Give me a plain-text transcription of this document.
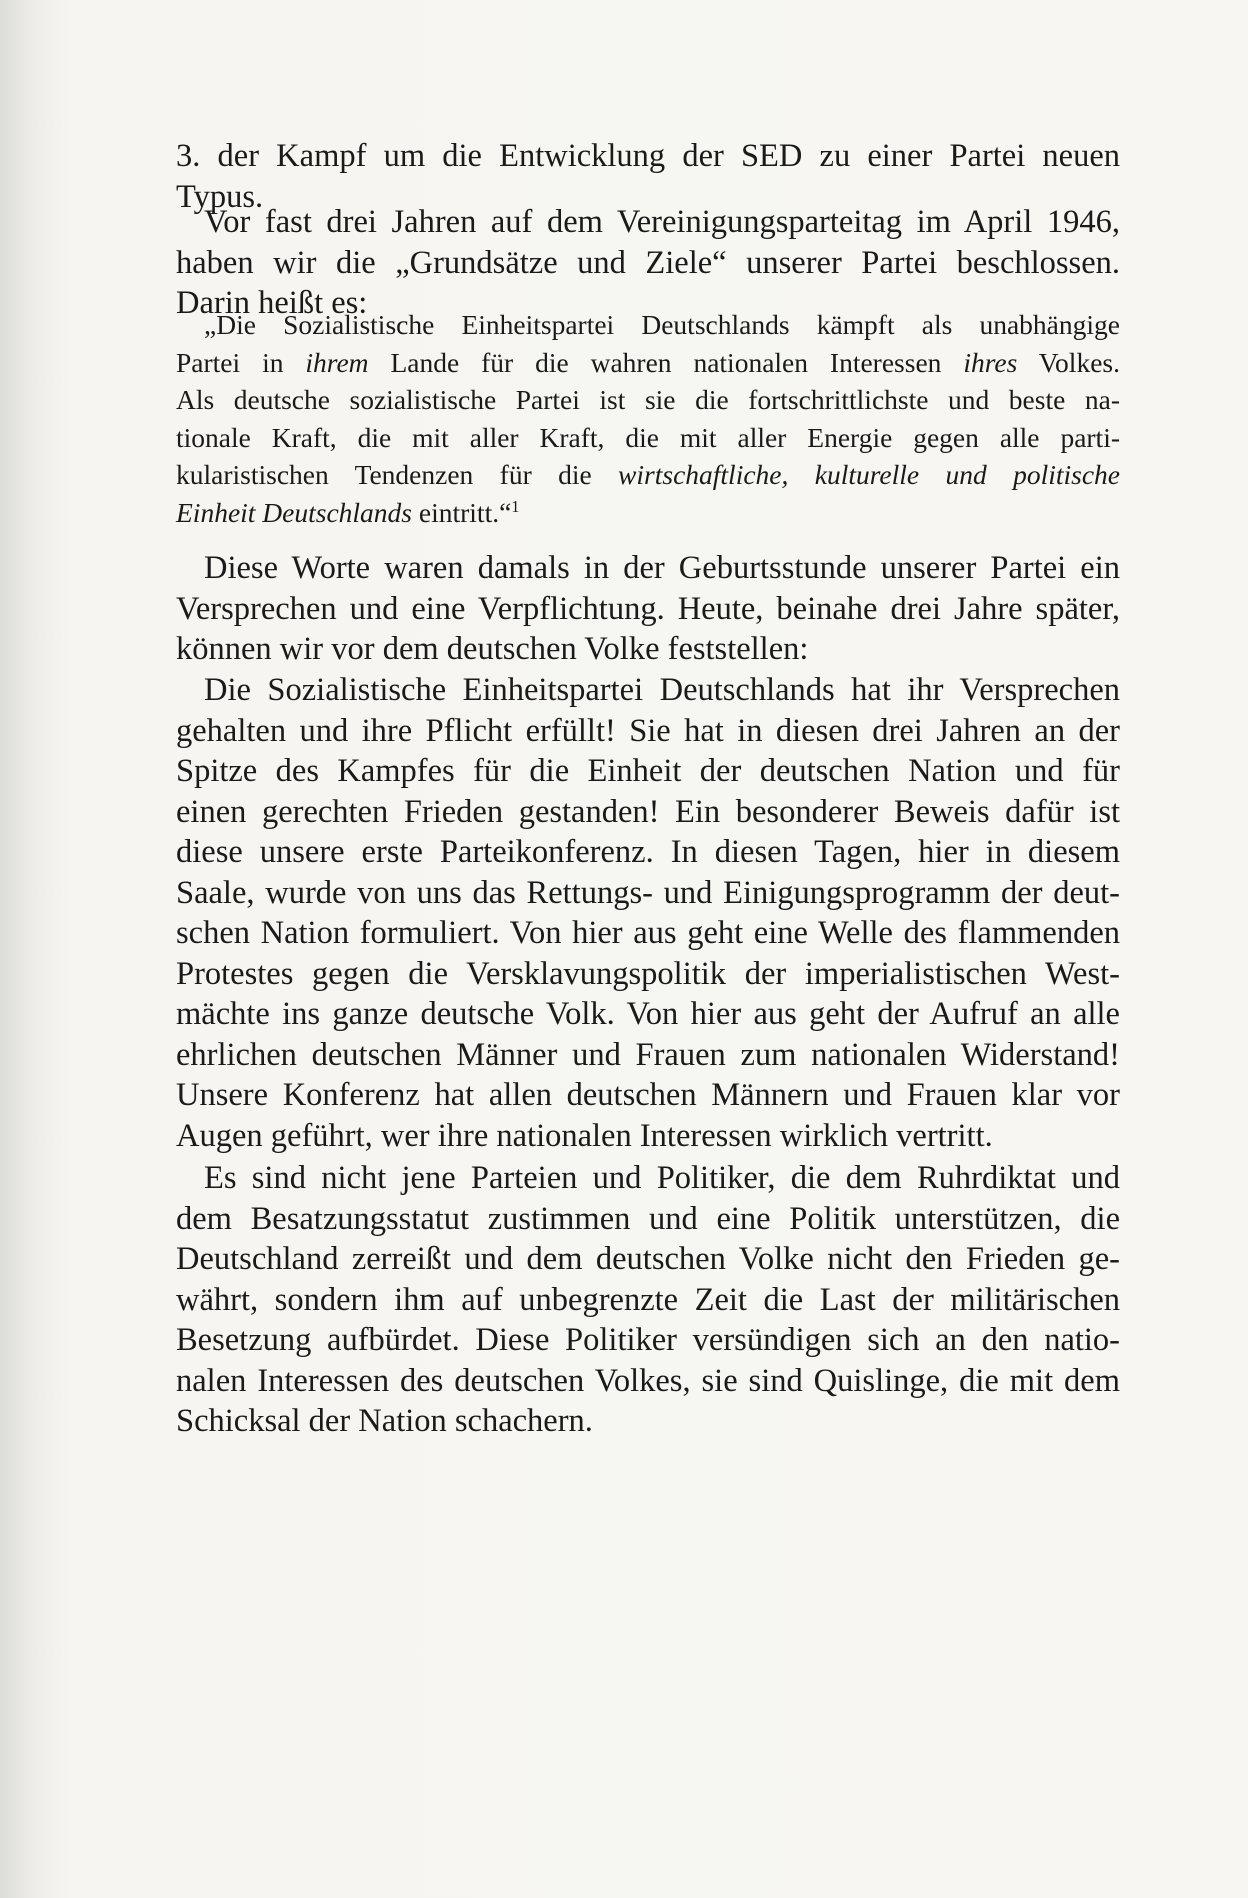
3. der Kampf um die Entwicklung der SED zu einer Partei neuen
Typus.
Vor fast drei Jahren auf dem Vereinigungsparteitag im April 1946,
haben wir die „Grundsätze und Ziele“ unserer Partei beschlossen.
Darin heißt es:
„Die Sozialistische Einheitspartei Deutschlands kämpft als unabhängige
Partei in ihrem Lande für die wahren nationalen Interessen ihres Volkes.
Als deutsche sozialistische Partei ist sie die fortschrittlichste und beste na-
tionale Kraft, die mit aller Kraft, die mit aller Energie gegen alle parti-
kularistischen Tendenzen für die wirtschaftliche, kulturelle und politische
Einheit Deutschlands eintritt.“$^1$
Diese Worte waren damals in der Geburtsstunde unserer Partei ein
Versprechen und eine Verpflichtung. Heute, beinahe drei Jahre später,
können wir vor dem deutschen Volke feststellen:
Die Sozialistische Einheitspartei Deutschlands hat ihr Versprechen
gehalten und ihre Pflicht erfüllt! Sie hat in diesen drei Jahren an der
Spitze des Kampfes für die Einheit der deutschen Nation und für
einen gerechten Frieden gestanden! Ein besonderer Beweis dafür ist
diese unsere erste Parteikonferenz. In diesen Tagen, hier in diesem
Saale, wurde von uns das Rettungs- und Einigungsprogramm der deut-
schen Nation formuliert. Von hier aus geht eine Welle des flammenden
Protestes gegen die Versklavungspolitik der imperialistischen West-
mächte ins ganze deutsche Volk. Von hier aus geht der Aufruf an alle
ehrlichen deutschen Männer und Frauen zum nationalen Widerstand!
Unsere Konferenz hat allen deutschen Männern und Frauen klar vor
Augen geführt, wer ihre nationalen Interessen wirklich vertritt.
Es sind nicht jene Parteien und Politiker, die dem Ruhrdiktat und
dem Besatzungsstatut zustimmen und eine Politik unterstützen, die
Deutschland zerreißt und dem deutschen Volke nicht den Frieden ge-
währt, sondern ihm auf unbegrenzte Zeit die Last der militärischen
Besetzung aufbürdet. Diese Politiker versündigen sich an den natio-
nalen Interessen des deutschen Volkes, sie sind Quislinge, die mit dem
Schicksal der Nation schachern.
